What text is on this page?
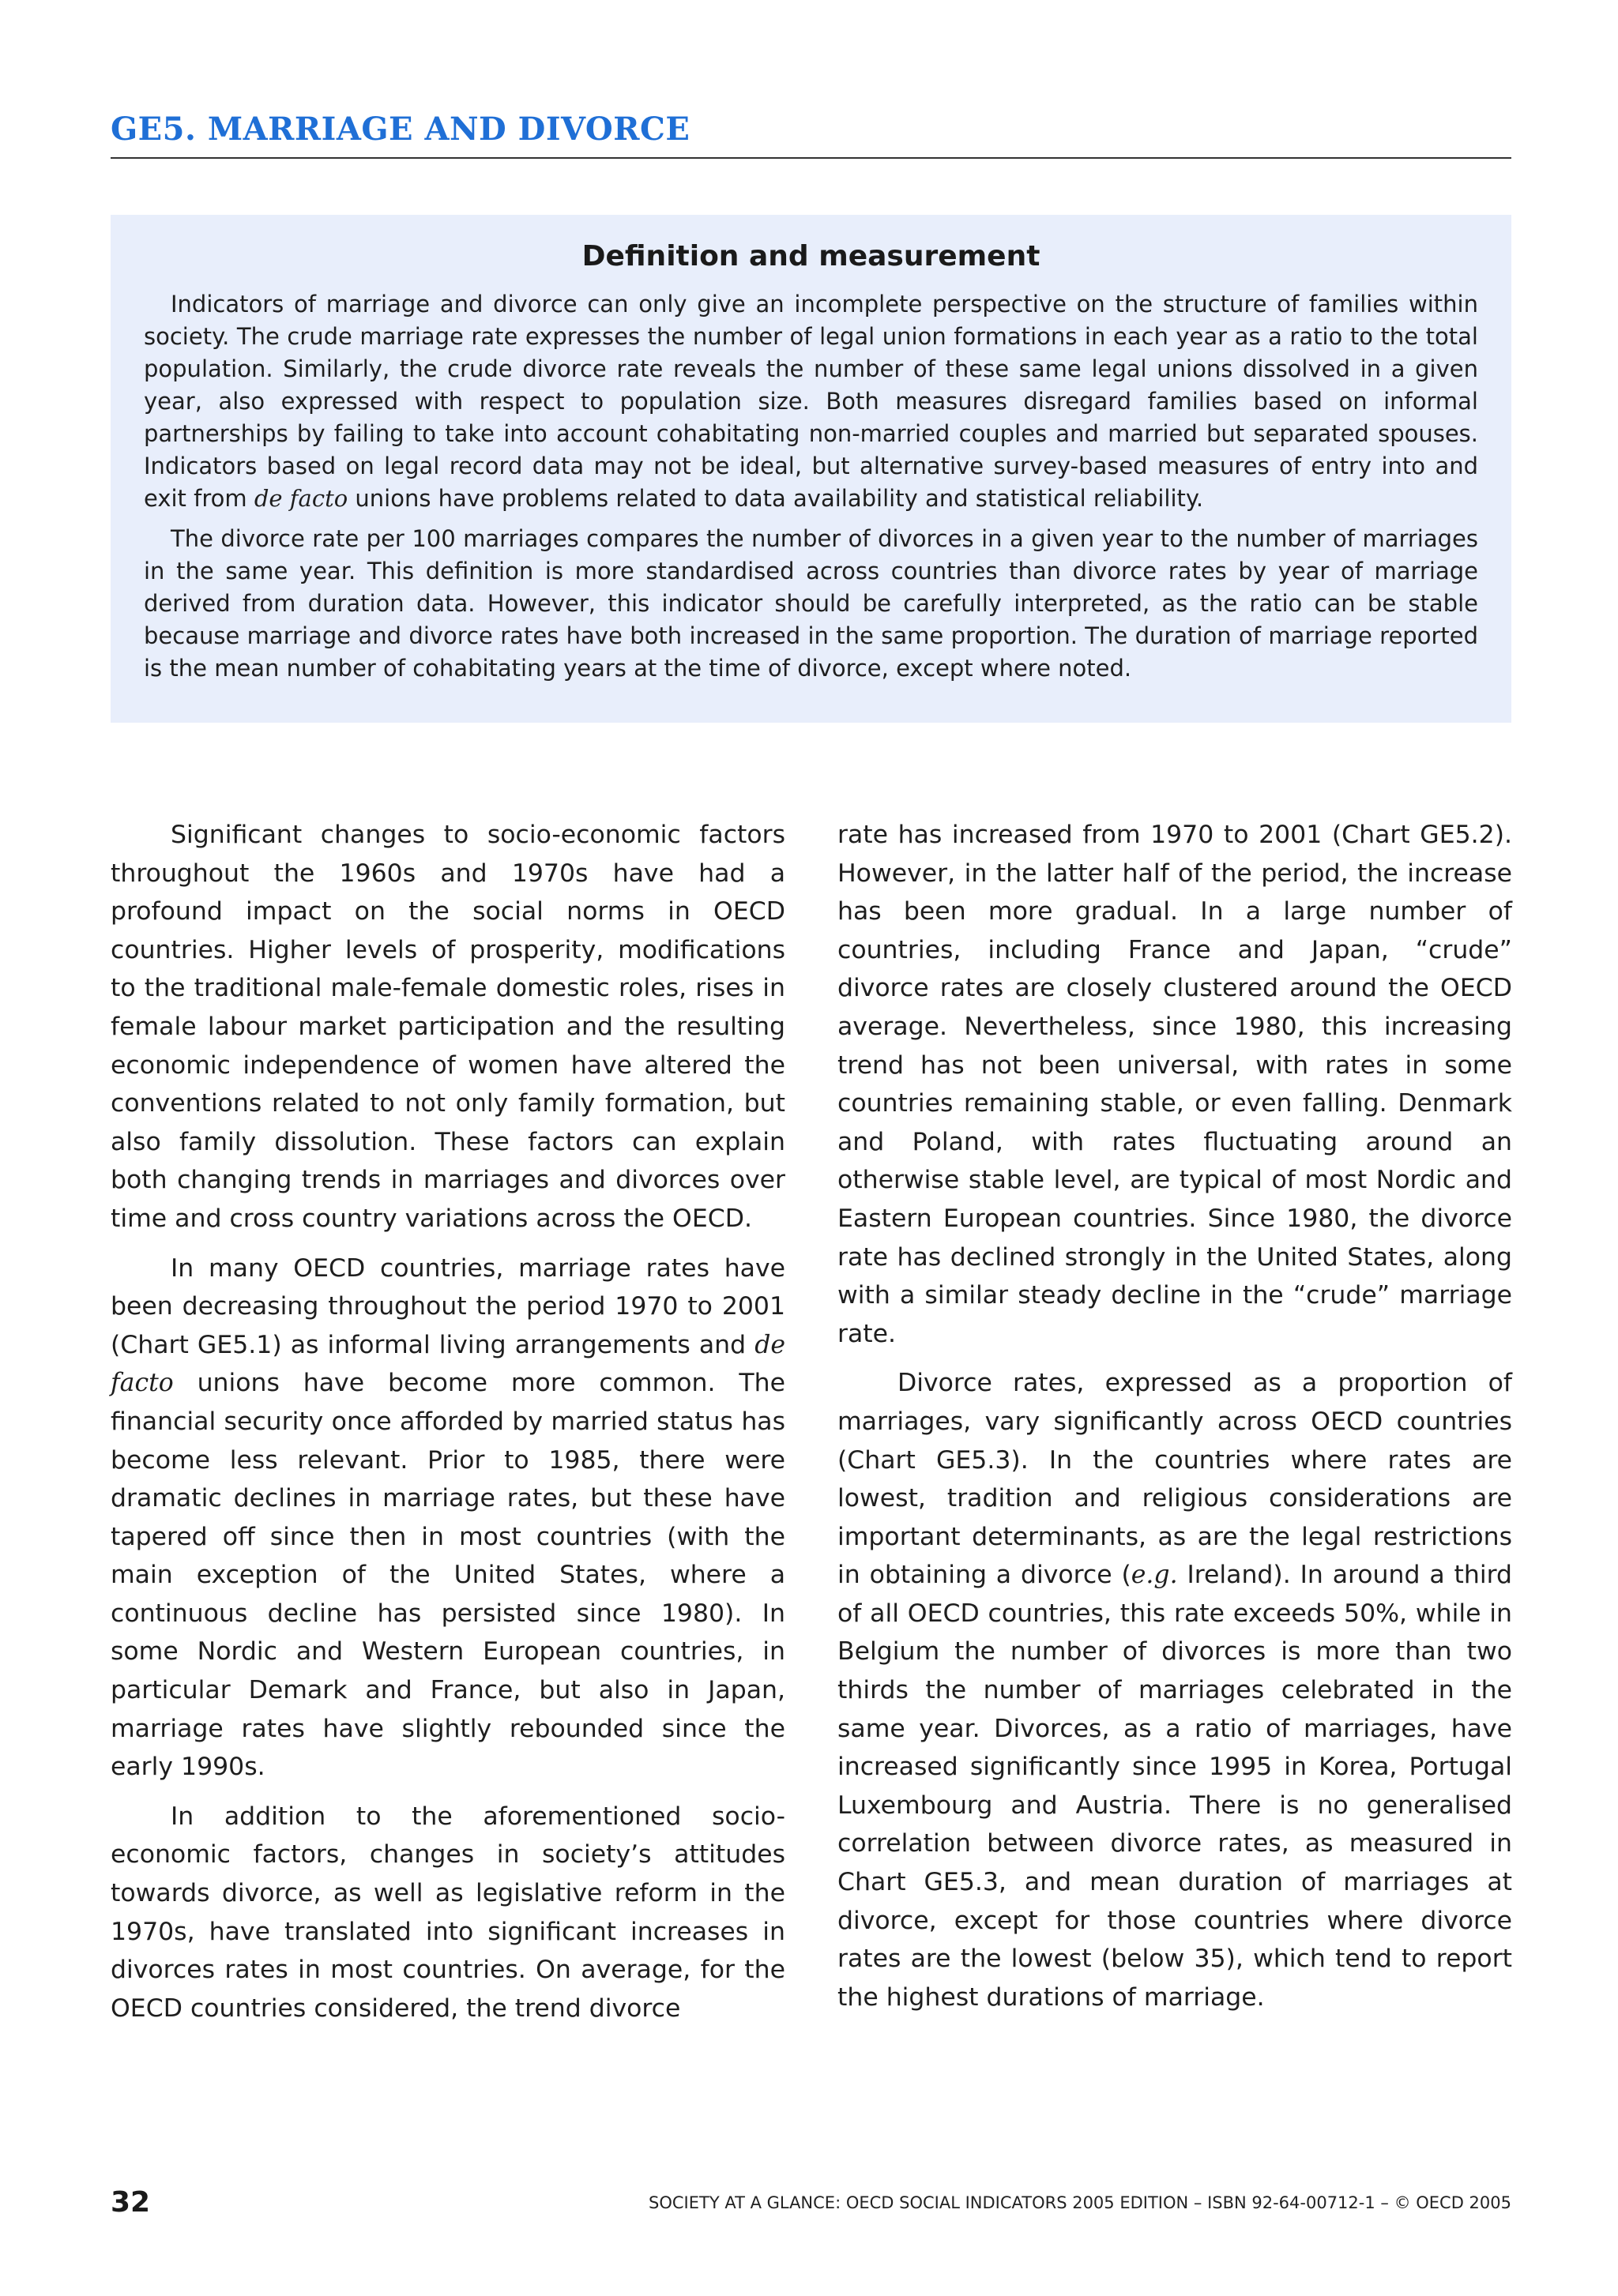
GE5. MARRIAGE AND DIVORCE
Definition and measurement

Indicators of marriage and divorce can only give an incomplete perspective on the structure of families within society. The crude marriage rate expresses the number of legal union formations in each year as a ratio to the total population. Similarly, the crude divorce rate reveals the number of these same legal unions dissolved in a given year, also expressed with respect to population size. Both measures disregard families based on informal partnerships by failing to take into account cohabitating non-married couples and married but separated spouses. Indicators based on legal record data may not be ideal, but alternative survey-based measures of entry into and exit from de facto unions have problems related to data availability and statistical reliability.

The divorce rate per 100 marriages compares the number of divorces in a given year to the number of marriages in the same year. This definition is more standardised across countries than divorce rates by year of marriage derived from duration data. However, this indicator should be carefully interpreted, as the ratio can be stable because marriage and divorce rates have both increased in the same proportion. The duration of marriage reported is the mean number of cohabitating years at the time of divorce, except where noted.

Significant changes to socio-economic factors throughout the 1960s and 1970s have had a profound impact on the social norms in OECD countries. Higher levels of prosperity, modifications to the traditional male-female domestic roles, rises in female labour market participation and the resulting economic independence of women have altered the conventions related to not only family formation, but also family dissolution. These factors can explain both changing trends in marriages and divorces over time and cross country variations across the OECD.

In many OECD countries, marriage rates have been decreasing throughout the period 1970 to 2001 (Chart GE5.1) as informal living arrangements and de facto unions have become more common. The financial security once afforded by married status has become less relevant. Prior to 1985, there were dramatic declines in marriage rates, but these have tapered off since then in most countries (with the main exception of the United States, where a continuous decline has persisted since 1980). In some Nordic and Western European countries, in particular Demark and France, but also in Japan, marriage rates have slightly rebounded since the early 1990s.

In addition to the aforementioned socio-economic factors, changes in society’s attitudes towards divorce, as well as legislative reform in the 1970s, have translated into significant increases in divorces rates in most countries. On average, for the OECD countries considered, the trend divorce

rate has increased from 1970 to 2001 (Chart GE5.2). However, in the latter half of the period, the increase has been more gradual. In a large number of countries, including France and Japan, “crude” divorce rates are closely clustered around the OECD average. Nevertheless, since 1980, this increasing trend has not been universal, with rates in some countries remaining stable, or even falling. Denmark and Poland, with rates fluctuating around an otherwise stable level, are typical of most Nordic and Eastern European countries. Since 1980, the divorce rate has declined strongly in the United States, along with a similar steady decline in the “crude” marriage rate.

Divorce rates, expressed as a proportion of marriages, vary significantly across OECD countries (Chart GE5.3). In the countries where rates are lowest, tradition and religious considerations are important determinants, as are the legal restrictions in obtaining a divorce (e.g. Ireland). In around a third of all OECD countries, this rate exceeds 50%, while in Belgium the number of divorces is more than two thirds the number of marriages celebrated in the same year. Divorces, as a ratio of marriages, have increased significantly since 1995 in Korea, Portugal Luxembourg and Austria. There is no generalised correlation between divorce rates, as measured in Chart GE5.3, and mean duration of marriages at divorce, except for those countries where divorce rates are the lowest (below 35), which tend to report the highest durations of marriage.

32	SOCIETY AT A GLANCE: OECD SOCIAL INDICATORS 2005 EDITION – ISBN 92-64-00712-1 – © OECD 2005
